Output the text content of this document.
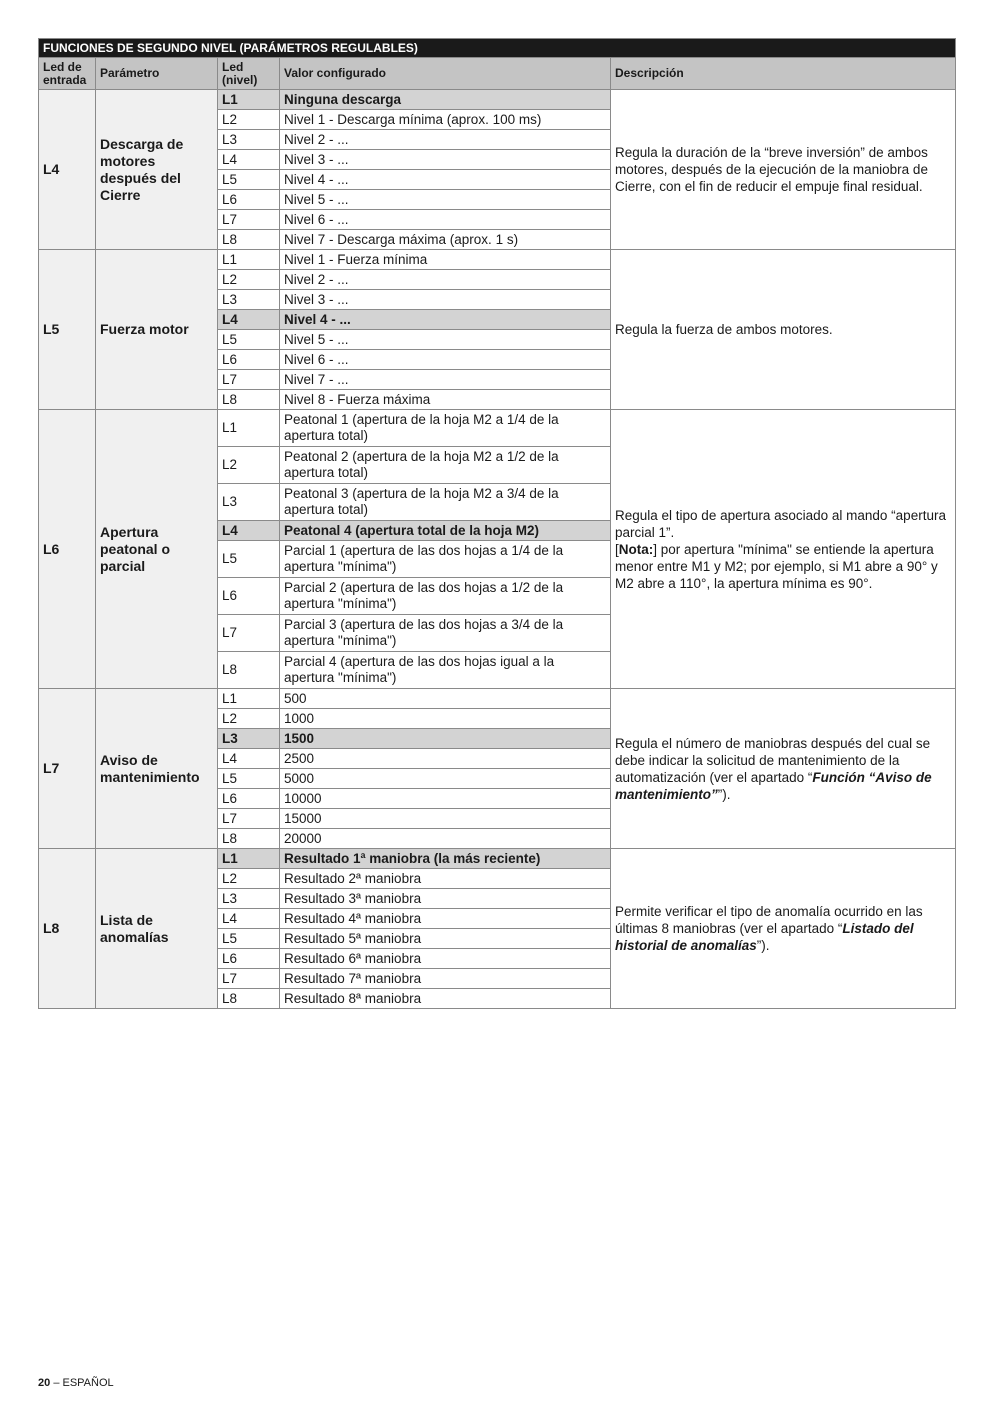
FUNCIONES DE SEGUNDO NIVEL (PARÁMETROS REGULABLES)				
Led de entrada	Parámetro	Led (nivel)	Valor configurado	Descripción
L4	Descarga de motores después del Cierre	L1	Ninguna descarga	Regula la duración de la “breve inversión” de ambos motores, después de la ejecución de la maniobra de Cierre, con el fin de reducir el empuje final residual.

		L2	Nivel 1 - Descarga mínima (aprox. 100 ms)	
		L3	Nivel 2 - ...	
		L4	Nivel 3 - ...	
		L5	Nivel 4 - ...	
		L6	Nivel 5 - ...	
		L7	Nivel 6 - ...	
		L8	Nivel 7 - Descarga máxima (aprox. 1 s)	
L5	Fuerza motor	L1	Nivel 1 - Fuerza mínima	Regula la fuerza de ambos motores.

		L2	Nivel 2 - ...	
		L3	Nivel 3 - ...	
		L4	Nivel 4 - ...	
		L5	Nivel 5 - ...	
		L6	Nivel 6 - ...	
		L7	Nivel 7 - ...	
		L8	Nivel 8 - Fuerza máxima	
L6	Apertura peatonal o parcial	L1	Peatonal 1 (apertura de la hoja M2 a 1/4 de la apertura total)	Regula el tipo de apertura asociado al mando “apertura parcial 1”.
[Nota:] por apertura "mínima" se entiende la apertura menor entre M1 y M2; por ejemplo, si M1 abre a 90° y M2 abre a 110°, la apertura mínima es 90°.

		L2	Peatonal 2 (apertura de la hoja M2 a 1/2 de la apertura total)	
		L3	Peatonal 3 (apertura de la hoja M2 a 3/4 de la apertura total)	
		L4	Peatonal 4 (apertura total de la hoja M2)	
		L5	Parcial 1 (apertura de las dos hojas a 1/4 de la apertura "mínima")	
		L6	Parcial 2 (apertura de las dos hojas a 1/2 de la apertura "mínima")	
		L7	Parcial 3 (apertura de las dos hojas a 3/4 de la apertura "mínima")	
		L8	Parcial 4 (apertura de las dos hojas igual a la apertura "mínima")	
L7	Aviso de mantenimiento	L1	500	Regula el número de maniobras después del cual se debe indicar la solicitud de mantenimiento de la automatización (ver el apartado “Función “Aviso de mantenimiento””).

		L2	1000	
		L3	1500	
		L4	2500	
		L5	5000	
		L6	10000	
		L7	15000	
		L8	20000	
L8	Lista de anomalías	L1	Resultado 1ª maniobra (la más reciente)	Permite verificar el tipo de anomalía ocurrido en las últimas 8 maniobras (ver el apartado “Listado del historial de anomalías”).

		L2	Resultado 2ª maniobra	
		L3	Resultado 3ª maniobra	
		L4	Resultado 4ª maniobra	
		L5	Resultado 5ª maniobra	
		L6	Resultado 6ª maniobra	
		L7	Resultado 7ª maniobra	
		L8	Resultado 8ª maniobra	
20 – ESPAÑOL
